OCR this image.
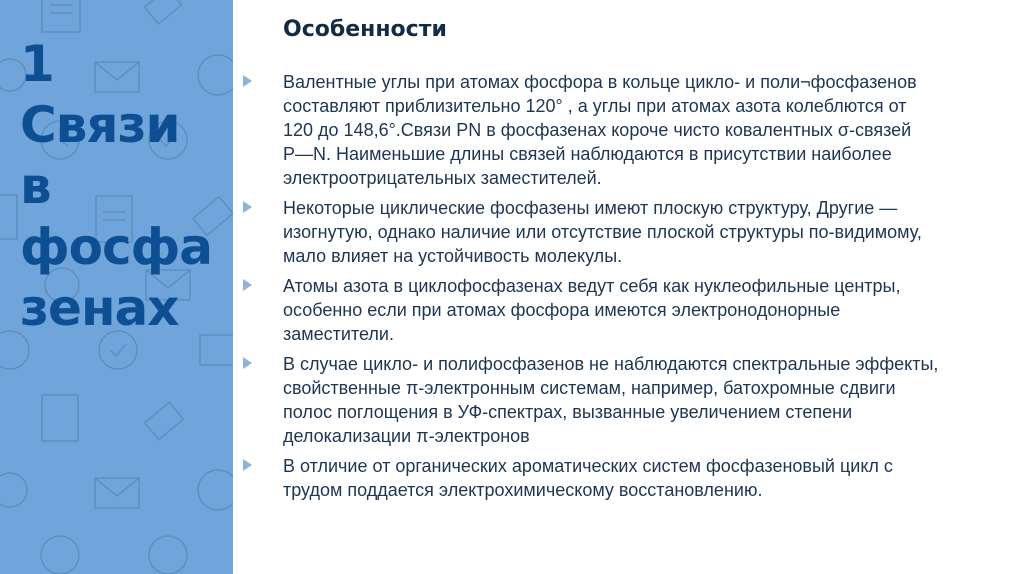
1
Связи
в
фосфа
зенах
Особенности
Валентные углы при атомах фосфора в кольце цикло- и поли¬фосфазенов
составляют приблизительно 120° , а углы при атомах азота колеблются от
120 до 148,6°.Связи PN в фосфазенах короче чисто ковалентных σ-связей
P—N. Наименьшие длины связей наблюдаются в присутствии наиболее
электроотрицательных заместителей.
Некоторые циклические фосфазены имеют плоскую структуру, Другие —
изогнутую, однако наличие или отсутствие плоской структуры по-видимому,
мало влияет на устойчивость молекулы.
Атомы азота в циклофосфазенах ведут себя как нуклеофильные центры,
особенно если при атомах фосфора имеются электронодонорные
заместители.
В случае цикло- и полифосфазенов не наблюдаются спектральные эффекты,
свойственные π-электронным системам, например, батохромные сдвиги
полос поглощения в УФ-спектрах, вызванные увеличением степени
делокализации π-электронов
В отличие от органических ароматических систем фосфазеновый цикл с
трудом поддается электрохимическому восстановлению.
